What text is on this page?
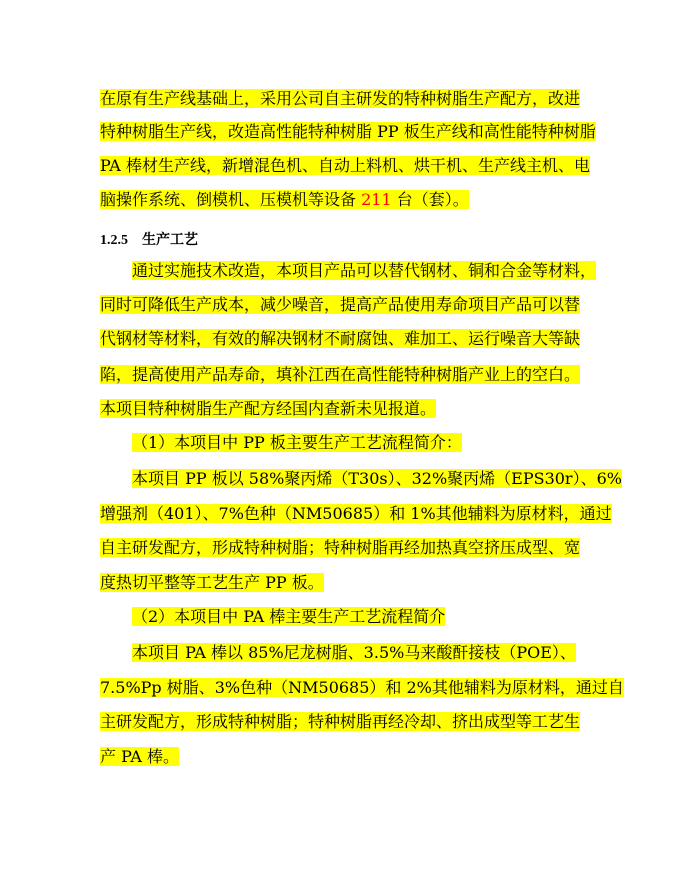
在原有生产线基础上，采用公司自主研发的特种树脂生产配方，改进
特种树脂生产线，改造高性能特种树脂 PP 板生产线和高性能特种树脂
PA 棒材生产线，新增混色机、自动上料机、烘干机、生产线主机、电
脑操作系统、倒模机、压模机等设备 211 台（套）。
1.2.5 生产工艺
通过实施技术改造，本项目产品可以替代钢材、铜和合金等材料，
同时可降低生产成本，减少噪音，提高产品使用寿命项目产品可以替
代钢材等材料，有效的解决钢材不耐腐蚀、难加工、运行噪音大等缺
陷，提高使用产品寿命，填补江西在高性能特种树脂产业上的空白。
本项目特种树脂生产配方经国内查新未见报道。
（1）本项目中 PP 板主要生产工艺流程简介：
本项目 PP 板以 58%聚丙烯（T30s）、32%聚丙烯（EPS30r）、6%
增强剂（401）、7%色种（NM50685）和 1%其他辅料为原材料，通过
自主研发配方，形成特种树脂；特种树脂再经加热真空挤压成型、宽
度热切平整等工艺生产 PP 板。
（2）本项目中 PA 棒主要生产工艺流程简介
本项目 PA 棒以 85%尼龙树脂、3.5%马来酸酐接枝（POE）、
7.5%Pp 树脂、3%色种（NM50685）和 2%其他辅料为原材料，通过自
主研发配方，形成特种树脂；特种树脂再经冷却、挤出成型等工艺生
产 PA 棒。
